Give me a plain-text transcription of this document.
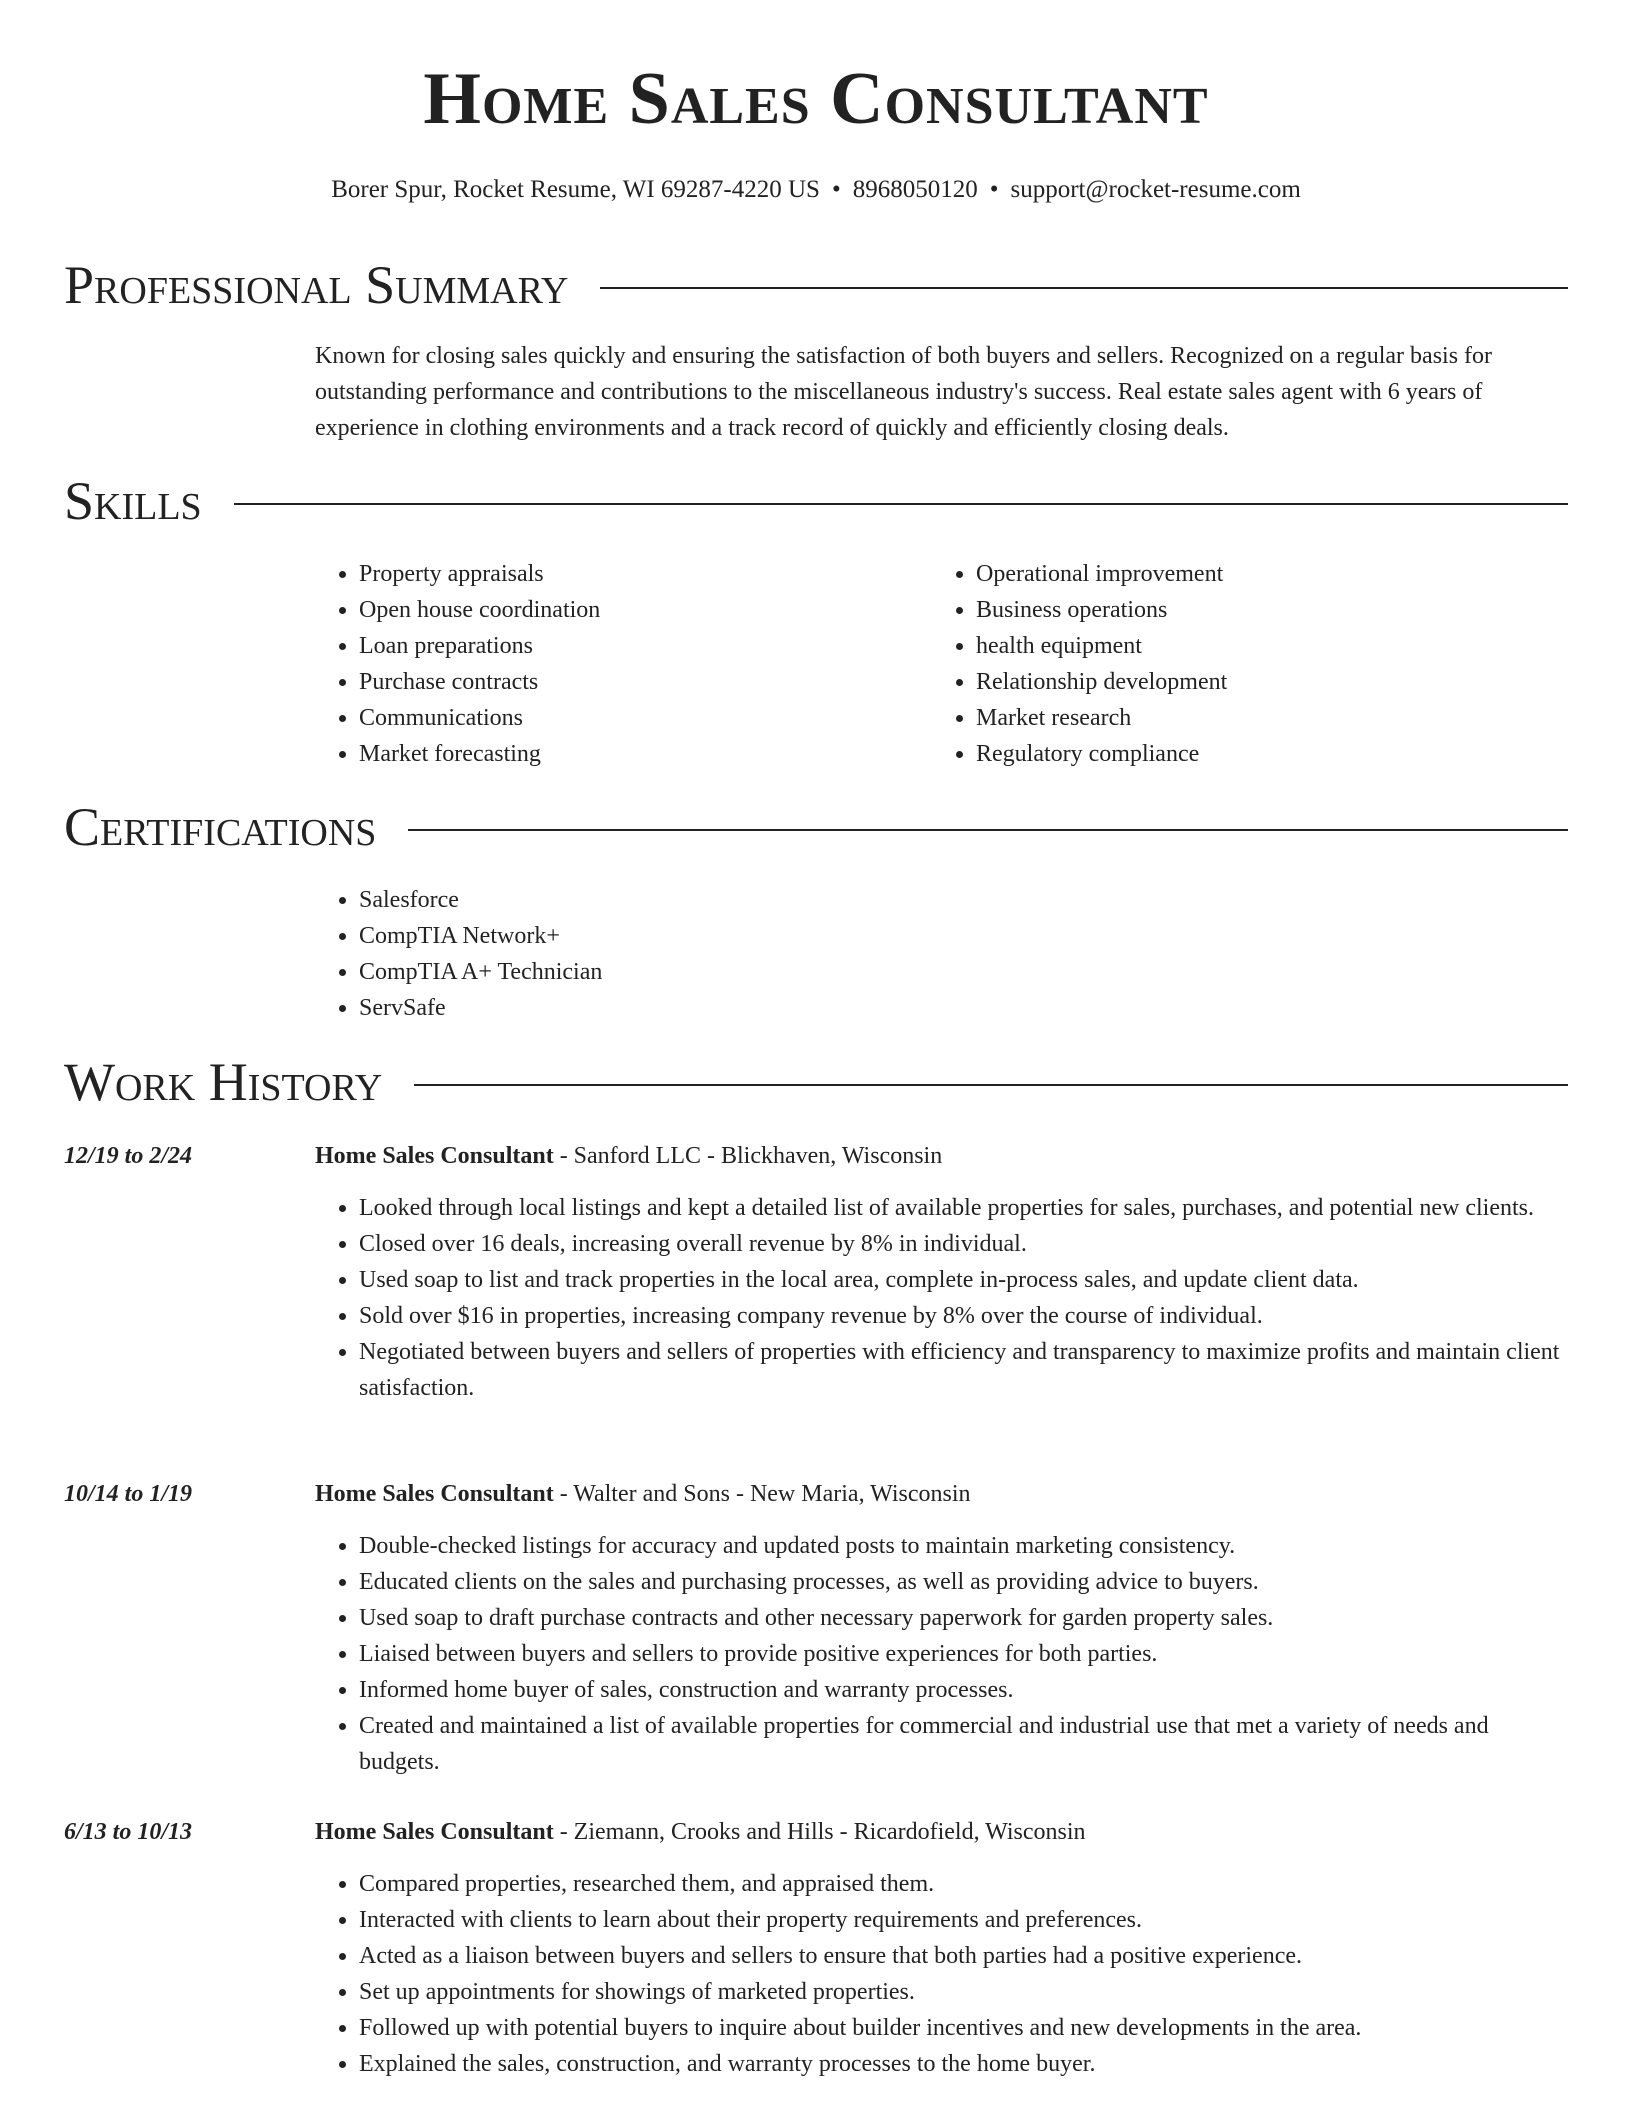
Home Sales Consultant
Borer Spur, Rocket Resume, WI 69287-4220 US • 8968050120 • support@rocket-resume.com
Professional Summary

Known for closing sales quickly and ensuring the satisfaction of both buyers and sellers. Recognized on a regular basis for outstanding performance and contributions to the miscellaneous industry's success. Real estate sales agent with 6 years of experience in clothing environments and a track record of quickly and efficiently closing deals.

Skills
• Property appraisals
• Open house coordination
• Loan preparations
• Purchase contracts
• Communications
• Market forecasting
• Operational improvement
• Business operations
• health equipment
• Relationship development
• Market research
• Regulatory compliance
Certifications
• Salesforce
• CompTIA Network+
• CompTIA A+ Technician
• ServSafe
Work History
12/19 to 2/24	Home Sales Consultant - Sanford LLC - Blickhaven, Wisconsin
• Looked through local listings and kept a detailed list of available properties for sales, purchases, and potential new clients.
• Closed over 16 deals, increasing overall revenue by 8% in individual.
• Used soap to list and track properties in the local area, complete in-process sales, and update client data.
• Sold over $16 in properties, increasing company revenue by 8% over the course of individual.
• Negotiated between buyers and sellers of properties with efficiency and transparency to maximize profits and maintain client satisfaction.
10/14 to 1/19	Home Sales Consultant - Walter and Sons - New Maria, Wisconsin
• Double-checked listings for accuracy and updated posts to maintain marketing consistency.
• Educated clients on the sales and purchasing processes, as well as providing advice to buyers.
• Used soap to draft purchase contracts and other necessary paperwork for garden property sales.
• Liaised between buyers and sellers to provide positive experiences for both parties.
• Informed home buyer of sales, construction and warranty processes.
• Created and maintained a list of available properties for commercial and industrial use that met a variety of needs and budgets.
6/13 to 10/13	Home Sales Consultant - Ziemann, Crooks and Hills - Ricardofield, Wisconsin
• Compared properties, researched them, and appraised them.
• Interacted with clients to learn about their property requirements and preferences.
• Acted as a liaison between buyers and sellers to ensure that both parties had a positive experience.
• Set up appointments for showings of marketed properties.
• Followed up with potential buyers to inquire about builder incentives and new developments in the area.
• Explained the sales, construction, and warranty processes to the home buyer.
